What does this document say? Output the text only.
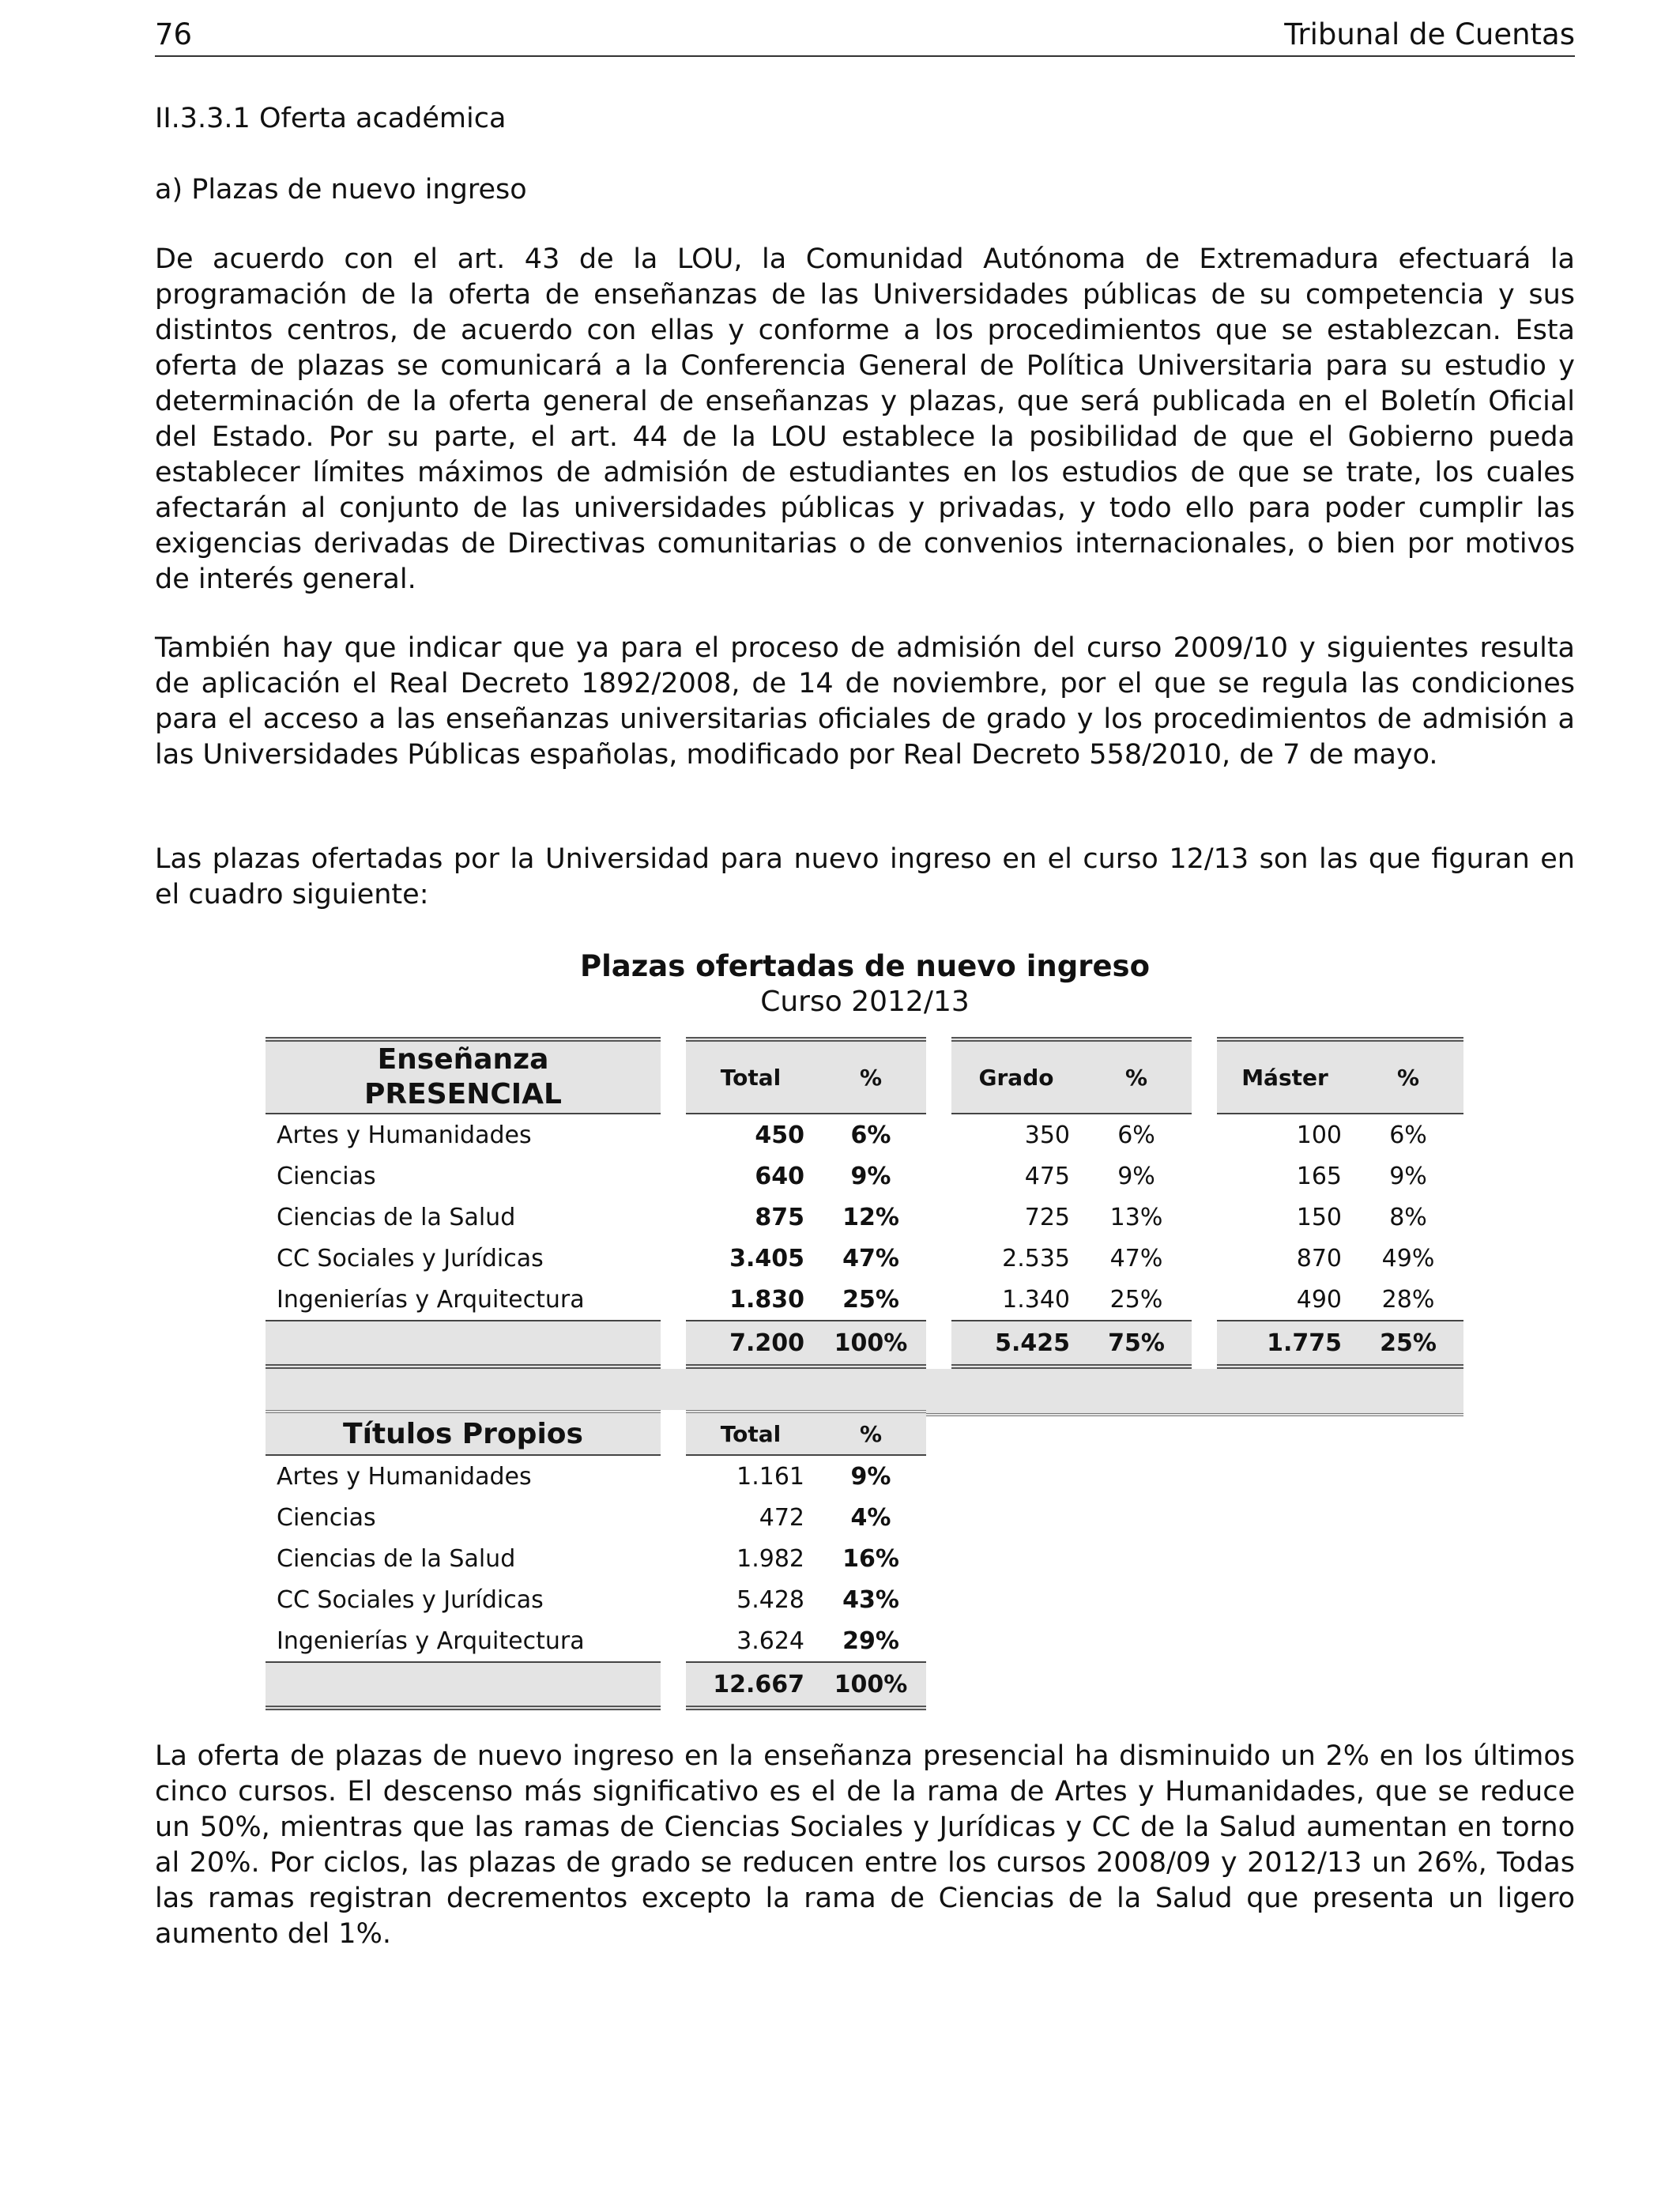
76	Tribunal de Cuentas
II.3.3.1 Oferta académica
a) Plazas de nuevo ingreso

De acuerdo con el art. 43 de la LOU, la Comunidad Autónoma de Extremadura efectuará la programación de la oferta de enseñanzas de las Universidades públicas de su competencia y sus distintos centros, de acuerdo con ellas y conforme a los procedimientos que se establezcan. Esta oferta de plazas se comunicará a la Conferencia General de Política Universitaria para su estudio y determinación de la oferta general de enseñanzas y plazas, que será publicada en el Boletín Oficial del Estado. Por su parte, el art. 44 de la LOU establece la posibilidad de que el Gobierno pueda establecer límites máximos de admisión de estudiantes en los estudios de que se trate, los cuales afectarán al conjunto de las universidades públicas y privadas, y todo ello para poder cumplir las exigencias derivadas de Directivas comunitarias o de convenios internacionales, o bien por motivos de interés general.

También hay que indicar que ya para el proceso de admisión del curso 2009/10 y siguientes resulta de aplicación el Real Decreto 1892/2008, de 14 de noviembre, por el que se regula las condiciones para el acceso a las enseñanzas universitarias oficiales de grado y los procedimientos de admisión a las Universidades Públicas españolas, modificado por Real Decreto 558/2010, de 7 de mayo.

Las plazas ofertadas por la Universidad para nuevo ingreso en el curso 12/13 son las que figuran en el cuadro siguiente:

Plazas ofertadas de nuevo ingreso
Curso 2012/13
Enseñanza
PRESENCIAL		Total	%		Grado	%		Máster	%
Artes y Humanidades		450	6%		350	6%		100	6%
Ciencias		640	9%		475	9%		165	9%
Ciencias de la Salud		875	12%		725	13%		150	8%
CC Sociales y Jurídicas		3.405	47%		2.535	47%		870	49%
Ingenierías y Arquitectura		1.830	25%		1.340	25%		490	28%
		7.200	100%		5.425	75%		1.775	25%

Títulos Propios		Total	%
Artes y Humanidades		1.161	9%
Ciencias		472	4%
Ciencias de la Salud		1.982	16%
CC Sociales y Jurídicas		5.428	43%
Ingenierías y Arquitectura		3.624	29%
		12.667	100%

La oferta de plazas de nuevo ingreso en la enseñanza presencial ha disminuido un 2% en los últimos cinco cursos. El descenso más significativo es el de la rama de Artes y Humanidades, que se reduce un 50%, mientras que las ramas de Ciencias Sociales y Jurídicas y CC de la Salud aumentan en torno al 20%. Por ciclos, las plazas de grado se reducen entre los cursos 2008/09 y 2012/13 un 26%, Todas las ramas registran decrementos excepto la rama de Ciencias de la Salud que presenta un ligero aumento del 1%.
